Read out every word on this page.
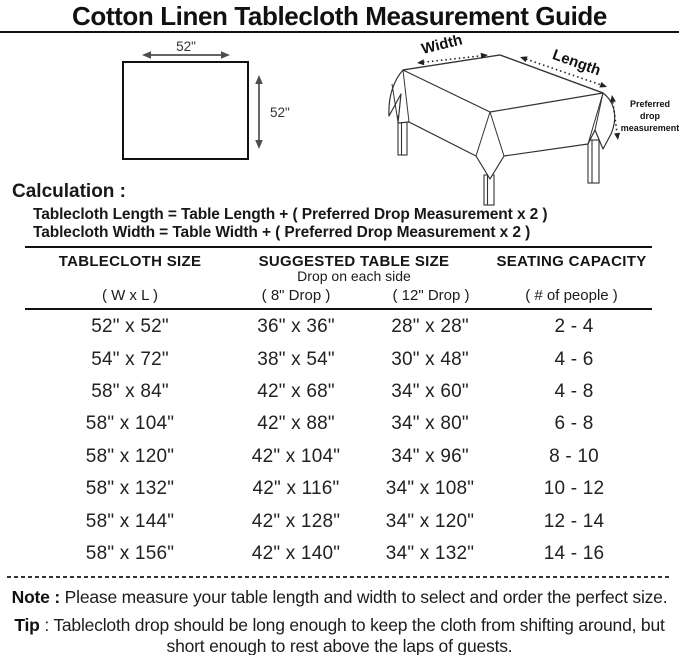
Cotton Linen Tablecloth Measurement Guide
52"
52"
Width
Length
Preferred
drop
measurement
Calculation :
Tablecloth Length = Table Length + ( Preferred Drop Measurement x 2 )
Tablecloth Width = Table Width + ( Preferred Drop Measurement x 2 )
TABLECLOTH SIZE	SUGGESTED TABLE SIZE	SEATING CAPACITY
Drop on each side
( W x L )	( 8" Drop )	( 12" Drop )	( # of people )
52" x 52"	36" x 36"	28" x 28"	2 - 4
54" x 72"	38" x 54"	30" x 48"	4 - 6
58" x 84"	42" x 68"	34" x 60"	4 - 8
58" x 104"	42" x 88"	34" x 80"	6 - 8
58" x 120"	42" x 104"	34" x 96"	8 - 10
58" x 132"	42" x 116"	34" x 108"	10 - 12
58" x 144"	42" x 128"	34" x 120"	12 - 14
58" x 156"	42" x 140"	34" x 132"	14 - 16
Note : Please measure your table length and width to select and order the perfect size.
Tip : Tablecloth drop should be long enough to keep the cloth from shifting around, but
short enough to rest above the laps of guests.
